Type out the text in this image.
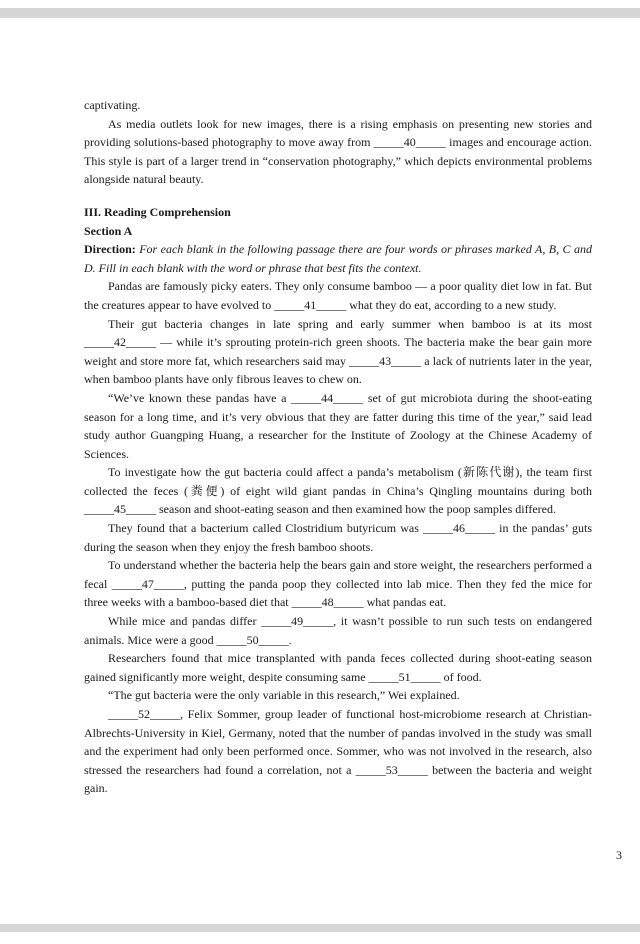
captivating.

As media outlets look for new images, there is a rising emphasis on presenting new stories and providing solutions-based photography to move away from _____40_____ images and encourage action. This style is part of a larger trend in “conservation photography,” which depicts environmental problems alongside natural beauty.

III. Reading Comprehension

Section A

Direction: For each blank in the following passage there are four words or phrases marked A, B, C and D. Fill in each blank with the word or phrase that best fits the context.

Pandas are famously picky eaters. They only consume bamboo — a poor quality diet low in fat. But the creatures appear to have evolved to _____41_____ what they do eat, according to a new study.

Their gut bacteria changes in late spring and early summer when bamboo is at its most _____42_____ — while it’s sprouting protein-rich green shoots. The bacteria make the bear gain more weight and store more fat, which researchers said may _____43_____ a lack of nutrients later in the year, when bamboo plants have only fibrous leaves to chew on.

“We’ve known these pandas have a _____44_____ set of gut microbiota during the shoot-eating season for a long time, and it’s very obvious that they are fatter during this time of the year,” said lead study author Guangping Huang, a researcher for the Institute of Zoology at the Chinese Academy of Sciences.

To investigate how the gut bacteria could affect a panda’s metabolism (新陈代谢), the team first collected the feces (粪便) of eight wild giant pandas in China’s Qingling mountains during both _____45_____ season and shoot-eating season and then examined how the poop samples differed.

They found that a bacterium called Clostridium butyricum was _____46_____ in the pandas’ guts during the season when they enjoy the fresh bamboo shoots.

To understand whether the bacteria help the bears gain and store weight, the researchers performed a fecal _____47_____, putting the panda poop they collected into lab mice. Then they fed the mice for three weeks with a bamboo-based diet that _____48_____ what pandas eat.

While mice and pandas differ _____49_____, it wasn’t possible to run such tests on endangered animals. Mice were a good _____50_____.

Researchers found that mice transplanted with panda feces collected during shoot-eating season gained significantly more weight, despite consuming same _____51_____ of food.

“The gut bacteria were the only variable in this research,” Wei explained.

_____52_____, Felix Sommer, group leader of functional host-microbiome research at Christian-Albrechts-University in Kiel, Germany, noted that the number of pandas involved in the study was small and the experiment had only been performed once. Sommer, who was not involved in the research, also stressed the researchers had found a correlation, not a _____53_____ between the bacteria and weight gain.

3
